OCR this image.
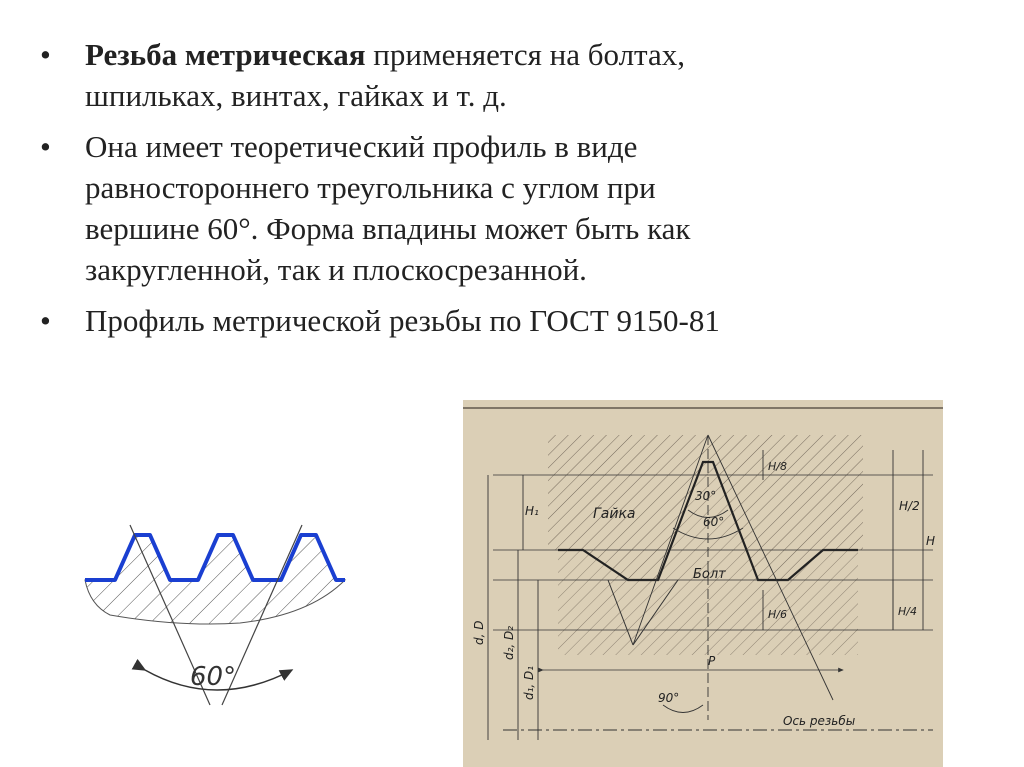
• Резьба метрическая применяется на болтах,
шпильках, винтах, гайках и т. д.
• Она имеет теоретический профиль в виде
равностороннего треугольника с углом при
вершине 60°. Форма впадины может быть как
закругленной, так и плоскосрезанной.
• Профиль метрической резьбы по ГОСТ 9150-81
60°
Гайка
Болт
30°
60°
90°
Ось резьбы
P
H/8
H/6	H/4
H/2
H
H₁
d, D d₂, D₂
d₁, D₁
